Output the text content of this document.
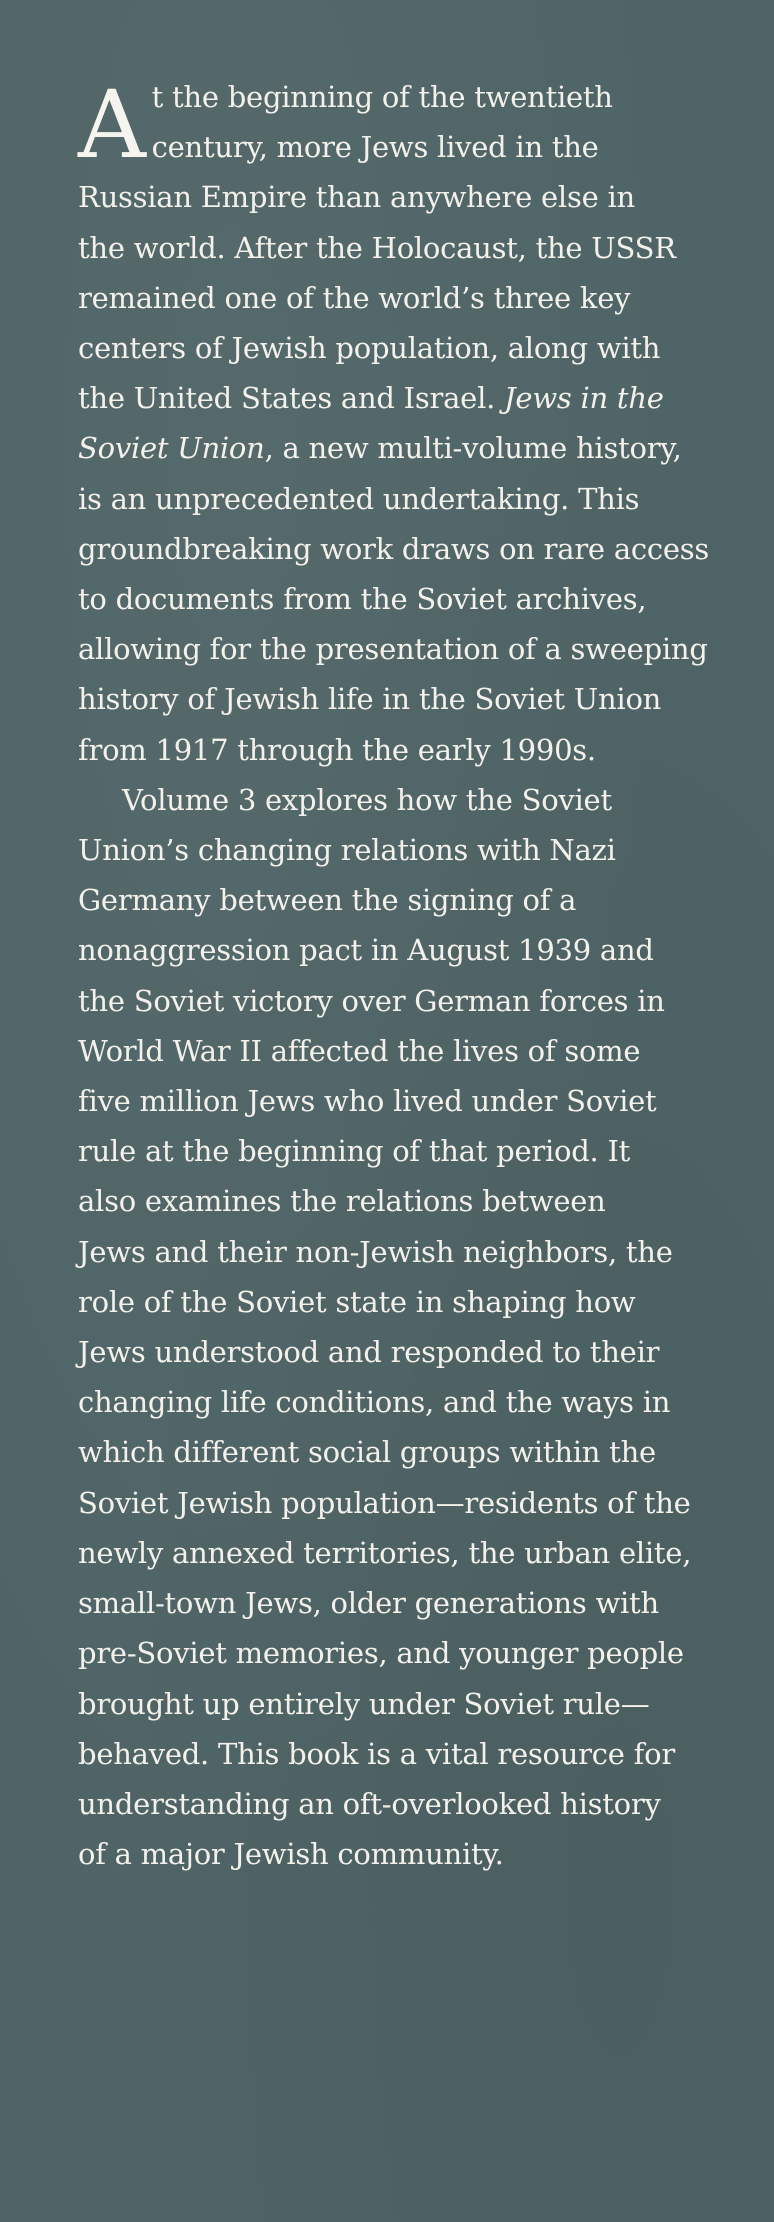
A t the beginning of the twentieth
century, more Jews lived in the
Russian Empire than anywhere else in
the world. After the Holocaust, the USSR
remained one of the world’s three key
centers of Jewish population, along with
the United States and Israel. Jews in the
Soviet Union, a new multi-volume history,
is an unprecedented undertaking. This
groundbreaking work draws on rare access
to documents from the Soviet archives,
allowing for the presentation of a sweeping
history of Jewish life in the Soviet Union
from 1917 through the early 1990s.
Volume 3 explores how the Soviet
Union’s changing relations with Nazi
Germany between the signing of a
nonaggression pact in August 1939 and
the Soviet victory over German forces in
World War II affected the lives of some
five million Jews who lived under Soviet
rule at the beginning of that period. It
also examines the relations between
Jews and their non-Jewish neighbors, the
role of the Soviet state in shaping how
Jews understood and responded to their
changing life conditions, and the ways in
which different social groups within the
Soviet Jewish population—residents of the
newly annexed territories, the urban elite,
small-town Jews, older generations with
pre-Soviet memories, and younger people
brought up entirely under Soviet rule—
behaved. This book is a vital resource for
understanding an oft-overlooked history
of a major Jewish community.
